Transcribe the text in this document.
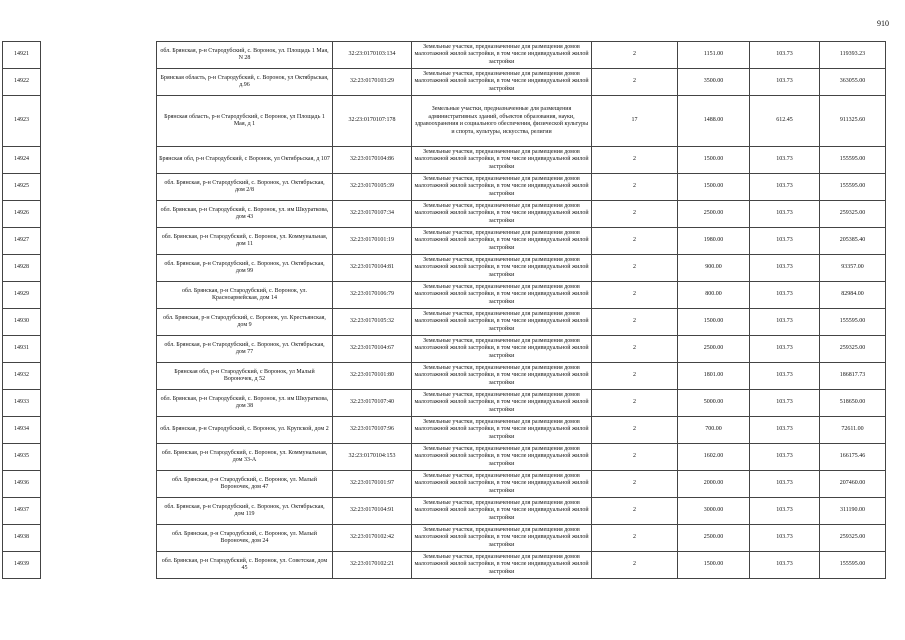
910
14921		обл. Брянская, р-н Стародубский, с. Воронок, ул. Площадь 1 Мая, N 28	32:23:0170103:134	Земельные участки, предназначенные для размещения домов малоэтажной жилой застройки, в том числе индивидуальной жилой застройки	2	1151.00	103.73	119393.23
14922		Брянская область, р-н Стародубский, с. Воронок, ул Октябрьская, д.96	32:23:0170103:29	Земельные участки, предназначенные для размещения домов малоэтажной жилой застройки, в том числе индивидуальной жилой застройки	2	3500.00	103.73	363055.00
14923		Брянская область, р-н Стародубский, с Воронок, ул Площадь 1 Мая, д 1	32:23:0170107:178	Земельные участки, предназначенные для размещения административных зданий, объектов образования, науки, здравоохранения и социального обеспечения, физической культуры и спорта, культуры, искусства, религии	17	1488.00	612.45	911325.60
14924		Брянская обл, р-н Стародубский, с Воронок, ул Октябрьская, д 107	32:23:0170104:86	Земельные участки, предназначенные для размещения домов малоэтажной жилой застройки, в том числе индивидуальной жилой застройки	2	1500.00	103.73	155595.00
14925		обл. Брянская, р-н Стародубский, с. Воронок, ул. Октябрьская, дом 2/8	32:23:0170105:39	Земельные участки, предназначенные для размещения домов малоэтажной жилой застройки, в том числе индивидуальной жилой застройки	2	1500.00	103.73	155595.00
14926		обл. Брянская, р-н Стародубский, с. Воронок, ул. им Шкураткова, дом 43	32:23:0170107:34	Земельные участки, предназначенные для размещения домов малоэтажной жилой застройки, в том числе индивидуальной жилой застройки	2	2500.00	103.73	259325.00
14927		обл. Брянская, р-н Стародубский, с. Воронок, ул. Коммунальная, дом 11	32:23:0170101:19	Земельные участки, предназначенные для размещения домов малоэтажной жилой застройки, в том числе индивидуальной жилой застройки	2	1980.00	103.73	205385.40
14928		обл. Брянская, р-н Стародубский, с. Воронок, ул. Октябрьская, дом 99	32:23:0170104:81	Земельные участки, предназначенные для размещения домов малоэтажной жилой застройки, в том числе индивидуальной жилой застройки	2	900.00	103.73	93357.00
14929		обл. Брянская, р-н Стародубский, с. Воронок, ул. Красноармейская, дом 14	32:23:0170106:79	Земельные участки, предназначенные для размещения домов малоэтажной жилой застройки, в том числе индивидуальной жилой застройки	2	800.00	103.73	82984.00
14930		обл. Брянская, р-н Стародубский, с. Воронок, ул. Крестьянская, дом 9	32:23:0170105:32	Земельные участки, предназначенные для размещения домов малоэтажной жилой застройки, в том числе индивидуальной жилой застройки	2	1500.00	103.73	155595.00
14931		обл. Брянская, р-н Стародубский, с. Воронок, ул. Октябрьская, дом 77	32:23:0170104:67	Земельные участки, предназначенные для размещения домов малоэтажной жилой застройки, в том числе индивидуальной жилой застройки	2	2500.00	103.73	259325.00
14932		Брянская обл, р-н Стародубский, с Воронок, ул Малый Вороночек, д 52	32:23:0170101:80	Земельные участки, предназначенные для размещения домов малоэтажной жилой застройки, в том числе индивидуальной жилой застройки	2	1801.00	103.73	186817.73
14933		обл. Брянская, р-н Стародубский, с. Воронок, ул. им Шкураткова, дом 38	32:23:0170107:40	Земельные участки, предназначенные для размещения домов малоэтажной жилой застройки, в том числе индивидуальной жилой застройки	2	5000.00	103.73	518650.00
14934		обл. Брянская, р-н Стародубский, с. Воронок, ул. Крупской, дом 2	32:23:0170107:96	Земельные участки, предназначенные для размещения домов малоэтажной жилой застройки, в том числе индивидуальной жилой застройки	2	700.00	103.73	72611.00
14935		обл. Брянская, р-н Стародубский, с. Воронок, ул. Коммунальная, дом 33-А	32:23:0170104:153	Земельные участки, предназначенные для размещения домов малоэтажной жилой застройки, в том числе индивидуальной жилой застройки	2	1602.00	103.73	166175.46
14936		обл. Брянская, р-н Стародубский, с. Воронок, ул. Малый Вороночек, дом 47	32:23:0170101:97	Земельные участки, предназначенные для размещения домов малоэтажной жилой застройки, в том числе индивидуальной жилой застройки	2	2000.00	103.73	207460.00
14937		обл. Брянская, р-н Стародубский, с. Воронок, ул. Октябрьская, дом 119	32:23:0170104:91	Земельные участки, предназначенные для размещения домов малоэтажной жилой застройки, в том числе индивидуальной жилой застройки	2	3000.00	103.73	311190.00
14938		обл. Брянская, р-н Стародубский, с. Воронок, ул. Малый Вороночек, дом 24	32:23:0170102:42	Земельные участки, предназначенные для размещения домов малоэтажной жилой застройки, в том числе индивидуальной жилой застройки	2	2500.00	103.73	259325.00
14939		обл. Брянская, р-н Стародубский, с. Воронок, ул. Советская, дом 45	32:23:0170102:21	Земельные участки, предназначенные для размещения домов малоэтажной жилой застройки, в том числе индивидуальной жилой застройки	2	1500.00	103.73	155595.00
